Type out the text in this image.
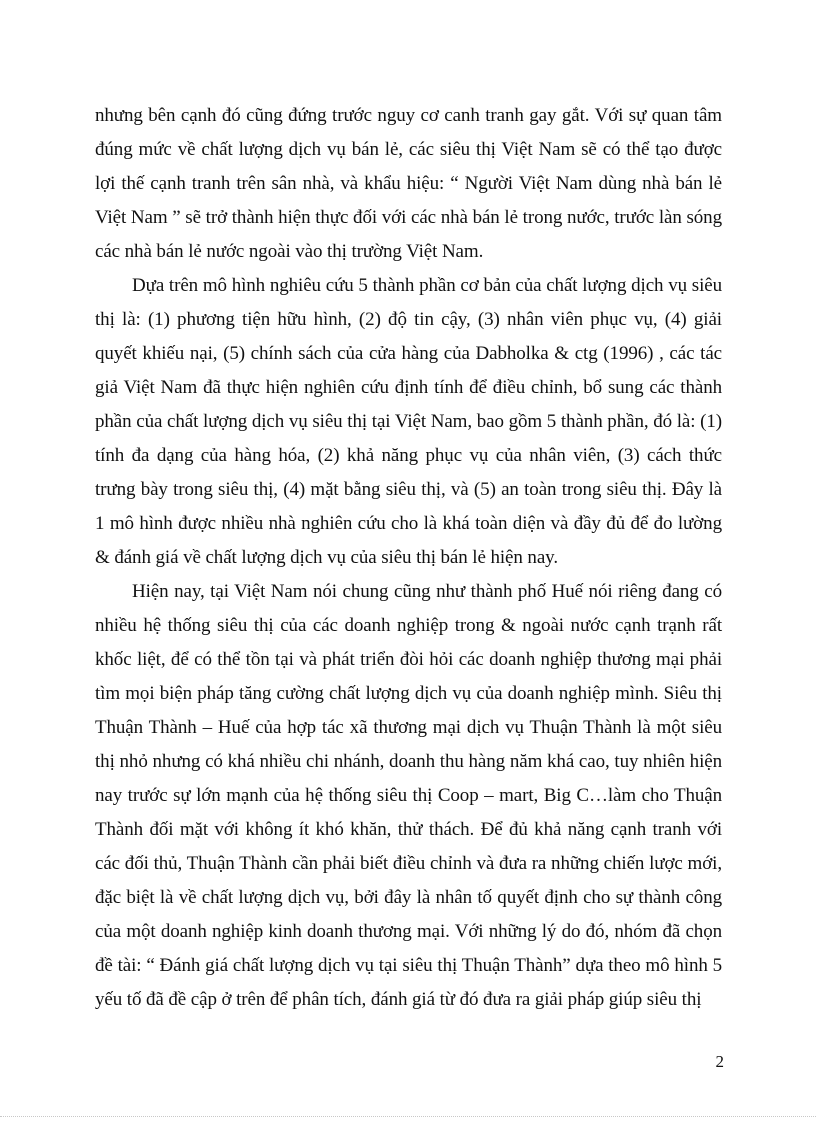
nhưng bên cạnh đó cũng đứng trước nguy cơ canh tranh gay gắt. Với sự quan tâm đúng mức về chất lượng dịch vụ bán lẻ, các siêu thị Việt Nam sẽ có thể tạo được lợi thế cạnh tranh trên sân nhà, và khẩu hiệu: “ Người Việt Nam dùng nhà bán lẻ Việt Nam ” sẽ trở thành hiện thực đối với các nhà bán lẻ trong nước, trước làn sóng các nhà bán lẻ nước ngoài vào thị trường Việt Nam.

Dựa trên mô hình nghiêu cứu 5 thành phần cơ bản của chất lượng dịch vụ siêu thị là: (1) phương tiện hữu hình, (2) độ tin cậy, (3) nhân viên phục vụ, (4) giải quyết khiếu nại, (5) chính sách của cửa hàng của Dabholka & ctg (1996) , các tác giả Việt Nam đã thực hiện nghiên cứu định tính để điều chỉnh, bổ sung các thành phần của chất lượng dịch vụ siêu thị tại Việt Nam, bao gồm 5 thành phần, đó là: (1) tính đa dạng của hàng hóa, (2) khả năng phục vụ của nhân viên, (3) cách thức trưng bày trong siêu thị, (4) mặt bằng siêu thị, và (5) an toàn trong siêu thị. Đây là 1 mô hình được nhiều nhà nghiên cứu cho là khá toàn diện và đầy đủ để đo lường & đánh giá về chất lượng dịch vụ của siêu thị bán lẻ hiện nay.

Hiện nay, tại Việt Nam nói chung cũng như thành phố Huế nói riêng đang có nhiều hệ thống siêu thị của các doanh nghiệp trong & ngoài nước cạnh trạnh rất khốc liệt, để có thể tồn tại và phát triển đòi hỏi các doanh nghiệp thương mại phải tìm mọi biện pháp tăng cường chất lượng dịch vụ của doanh nghiệp mình. Siêu thị Thuận Thành – Huế của hợp tác xã thương mại dịch vụ Thuận Thành là một siêu thị nhỏ nhưng có khá nhiều chi nhánh, doanh thu hàng năm khá cao, tuy nhiên hiện nay trước sự lớn mạnh của hệ thống siêu thị Coop – mart, Big C…làm cho Thuận Thành đối mặt với không ít khó khăn, thử thách. Để đủ khả năng cạnh tranh với các đối thủ, Thuận Thành cần phải biết điều chỉnh và đưa ra những chiến lược mới, đặc biệt là về chất lượng dịch vụ, bởi đây là nhân tố quyết định cho sự thành công của một doanh nghiệp kinh doanh thương mại. Với những lý do đó, nhóm đã chọn đề tài: “ Đánh giá chất lượng dịch vụ tại siêu thị Thuận Thành” dựa theo mô hình 5 yếu tố đã đề cập ở trên để phân tích, đánh giá từ đó đưa ra giải pháp giúp siêu thị

2
